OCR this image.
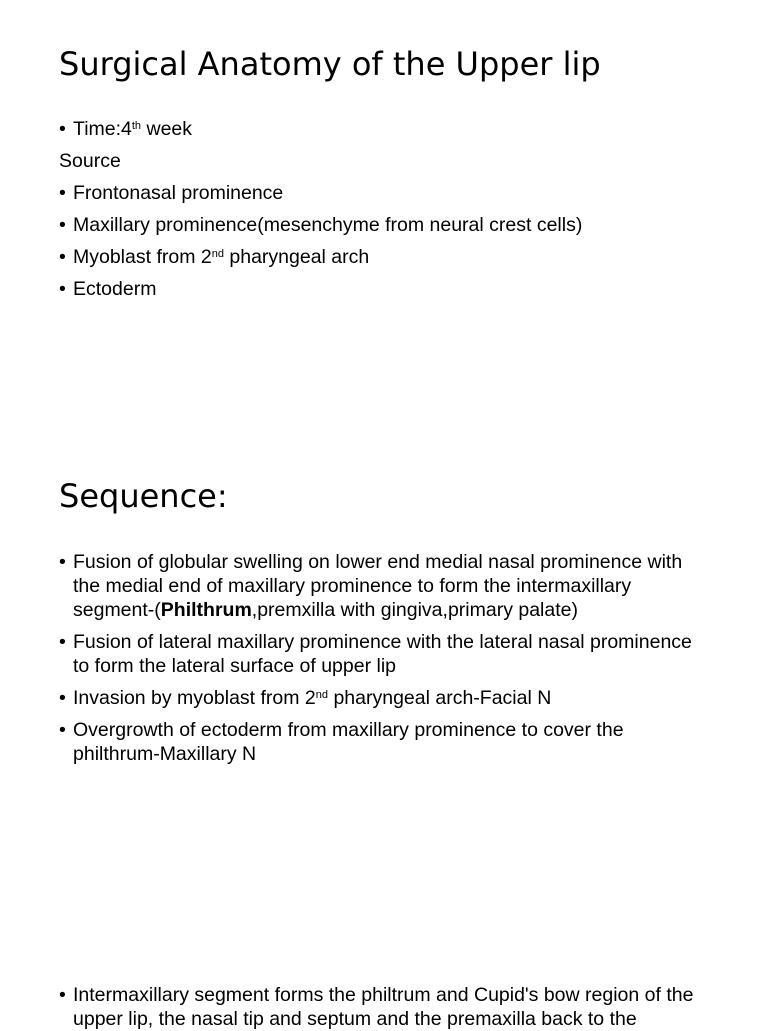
Surgical Anatomy of the Upper lip

• Time:4th week

Source

• Frontonasal prominence

• Maxillary prominence(mesenchyme from neural crest cells)

• Myoblast from 2nd pharyngeal arch

• Ectoderm

Sequence:

• Fusion of globular swelling on lower end medial nasal prominence with the medial end of maxillary prominence to form the intermaxillary segment-(Philthrum,premxilla with gingiva,primary palate)

• Fusion of lateral maxillary prominence with the lateral nasal prominence to form the lateral surface of upper lip

• Invasion by myoblast from 2nd pharyngeal arch-Facial N

• Overgrowth of ectoderm from maxillary prominence to cover the philthrum-Maxillary N

• Intermaxillary segment forms the philtrum and Cupid's bow region of the upper lip, the nasal tip and septum and the premaxilla back to the
